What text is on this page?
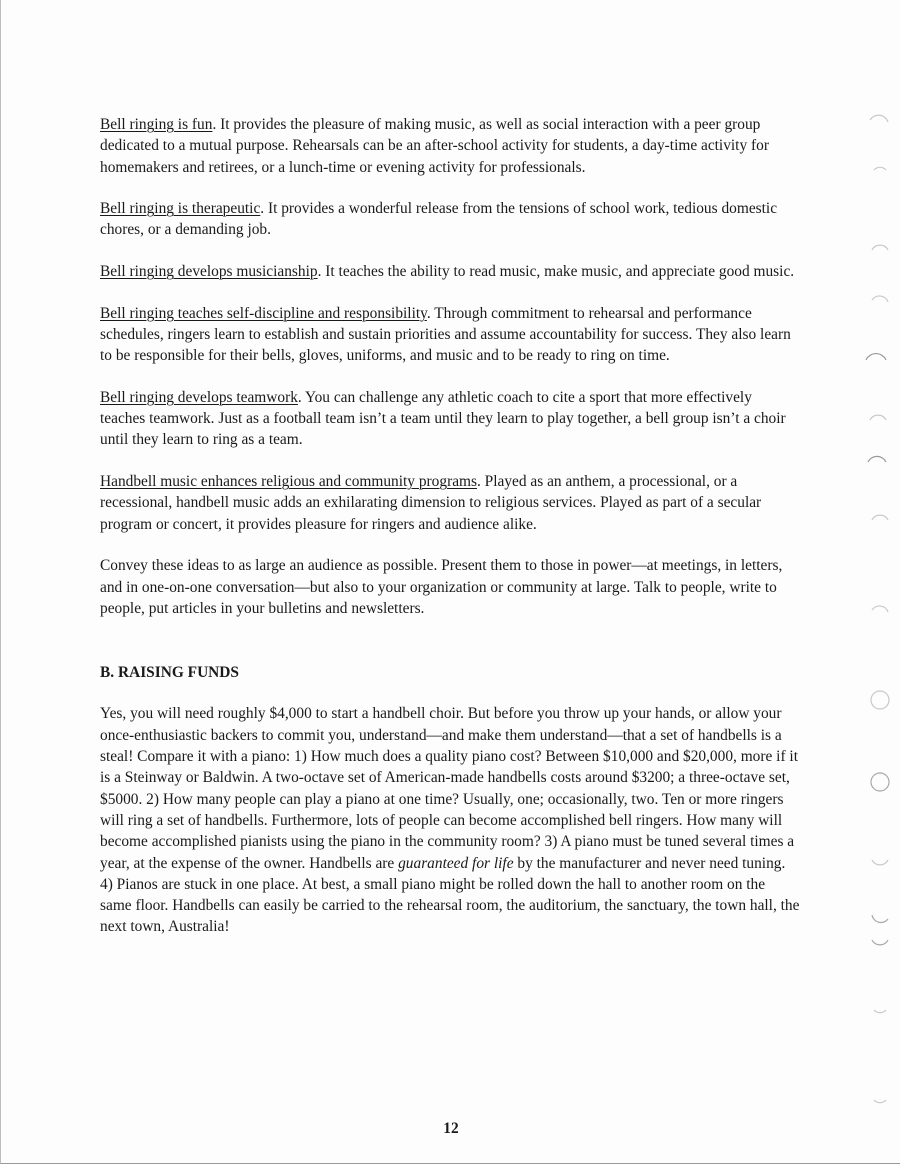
Bell ringing is fun. It provides the pleasure of making music, as well as social interaction with a peer group dedicated to a mutual purpose. Rehearsals can be an after-school activity for students, a day-time activity for homemakers and retirees, or a lunch-time or evening activity for professionals.

Bell ringing is therapeutic. It provides a wonderful release from the tensions of school work, tedious domestic chores, or a demanding job.

Bell ringing develops musicianship. It teaches the ability to read music, make music, and appreciate good music.

Bell ringing teaches self-discipline and responsibility. Through commitment to rehearsal and performance schedules, ringers learn to establish and sustain priorities and assume accountability for success. They also learn to be responsible for their bells, gloves, uniforms, and music and to be ready to ring on time.

Bell ringing develops teamwork. You can challenge any athletic coach to cite a sport that more effectively teaches teamwork. Just as a football team isn’t a team until they learn to play together, a bell group isn’t a choir until they learn to ring as a team.

Handbell music enhances religious and community programs. Played as an anthem, a processional, or a recessional, handbell music adds an exhilarating dimension to religious services. Played as part of a secular program or concert, it provides pleasure for ringers and audience alike.

Convey these ideas to as large an audience as possible. Present them to those in power—at meetings, in letters, and in one-on-one conversation—but also to your organization or community at large. Talk to people, write to people, put articles in your bulletins and newsletters.

B. RAISING FUNDS

Yes, you will need roughly $4,000 to start a handbell choir. But before you throw up your hands, or allow your once-enthusiastic backers to commit you, understand—and make them understand—that a set of handbells is a steal! Compare it with a piano: 1) How much does a quality piano cost? Between $10,000 and $20,000, more if it is a Steinway or Baldwin. A two-octave set of American-made handbells costs around $3200; a three-octave set, $5000. 2) How many people can play a piano at one time? Usually, one; occasionally, two. Ten or more ringers will ring a set of handbells. Furthermore, lots of people can become accomplished bell ringers. How many will become accomplished pianists using the piano in the community room? 3) A piano must be tuned several times a year, at the expense of the owner. Handbells are guaranteed for life by the manufacturer and never need tuning. 4) Pianos are stuck in one place. At best, a small piano might be rolled down the hall to another room on the same floor. Handbells can easily be carried to the rehearsal room, the auditorium, the sanctuary, the town hall, the next town, Australia!

12
